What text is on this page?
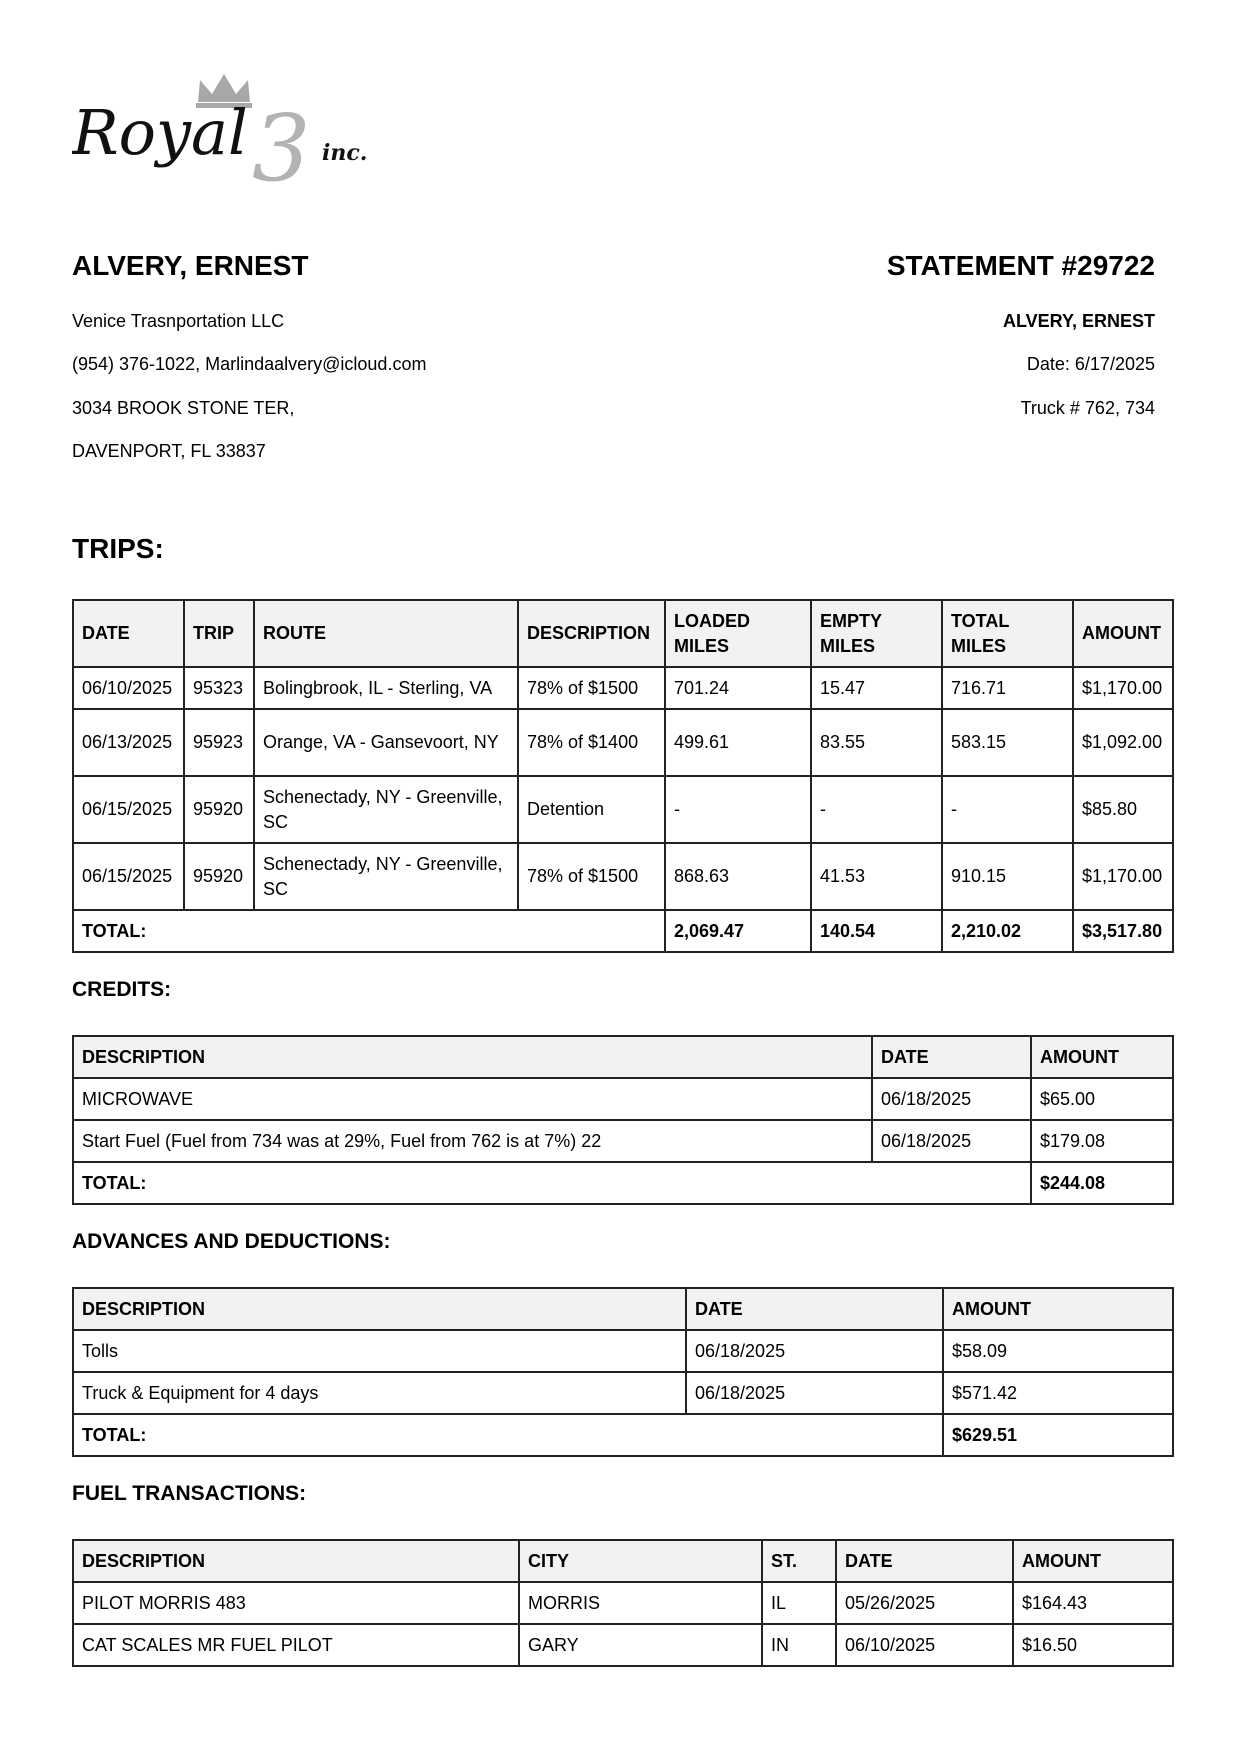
3
Royal	inc.
ALVERY, ERNEST	STATEMENT #29722
Venice Trasnportation LLC
(954) 376-1022, Marlindaalvery@icloud.com
3034 BROOK STONE TER,
DAVENPORT, FL 33837
ALVERY, ERNEST
Date: 6/17/2025
Truck # 762, 734
TRIPS:
DATE	TRIP	ROUTE	DESCRIPTION	LOADED MILES	EMPTY MILES	TOTAL MILES	AMOUNT
06/10/2025	95323	Bolingbrook, IL - Sterling, VA	78% of $1500	701.24	15.47	716.71	$1,170.00
06/13/2025	95923	Orange, VA - Gansevoort, NY	78% of $1400	499.61	83.55	583.15	$1,092.00
06/15/2025	95920	Schenectady, NY - Greenville, SC	Detention	-	-	-	$85.80
06/15/2025	95920	Schenectady, NY - Greenville, SC	78% of $1500	868.63	41.53	910.15	$1,170.00
TOTAL:				2,069.47	140.54	2,210.02	$3,517.80
CREDITS:
DESCRIPTION	DATE	AMOUNT
MICROWAVE	06/18/2025	$65.00
Start Fuel (Fuel from 734 was at 29%, Fuel from 762 is at 7%) 22	06/18/2025	$179.08
TOTAL:		$244.08
ADVANCES AND DEDUCTIONS:
DESCRIPTION	DATE	AMOUNT
Tolls	06/18/2025	$58.09
Truck & Equipment for 4 days	06/18/2025	$571.42
TOTAL:		$629.51
FUEL TRANSACTIONS:
DESCRIPTION	CITY	ST.	DATE	AMOUNT
PILOT MORRIS 483	MORRIS	IL	05/26/2025	$164.43
CAT SCALES MR FUEL PILOT	GARY	IN	06/10/2025	$16.50
